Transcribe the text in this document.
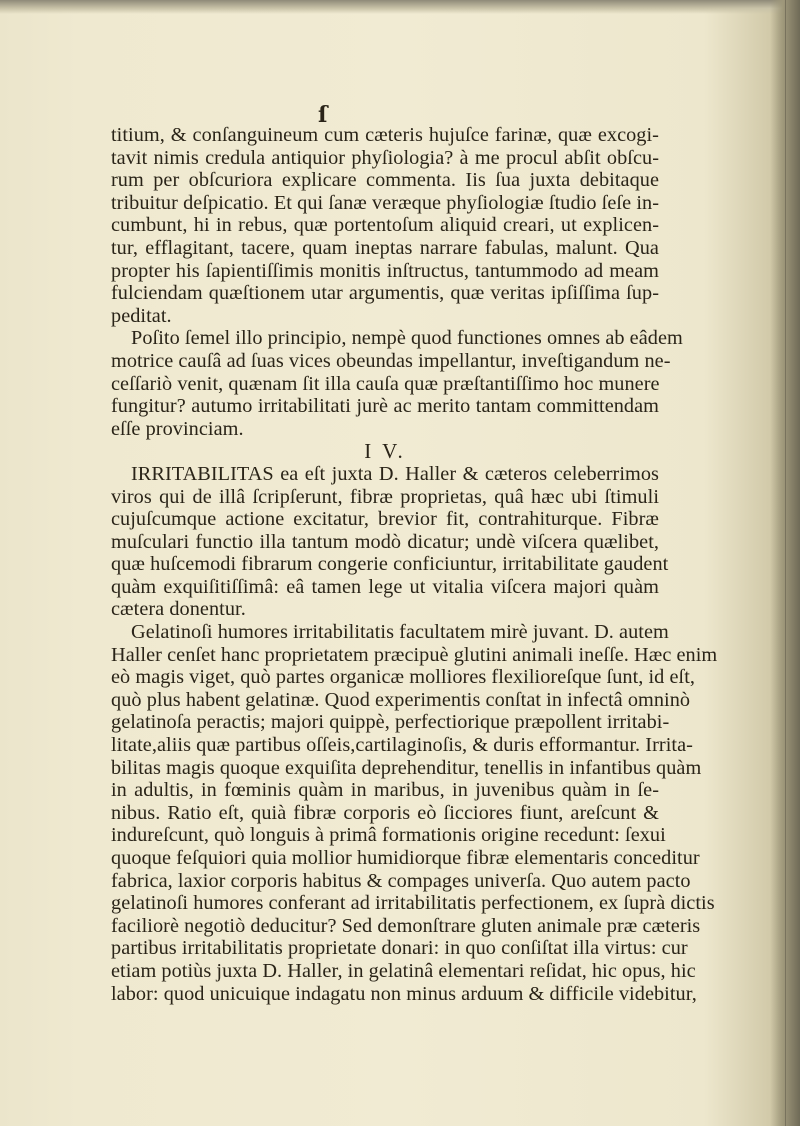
ſ
titium, & conſanguineum cum cæteris hujuſce farinæ, quæ excogi-
tavit nimis credula antiquior phyſiologia? à me procul abſit obſcu-
rum per obſcuriora explicare commenta. Iis ſua juxta debitaque
tribuitur deſpicatio. Et qui ſanæ veræque phyſiologiæ ſtudio ſeſe in-
cumbunt, hi in rebus, quæ portentoſum aliquid creari, ut explicen-
tur, efflagitant, tacere, quam ineptas narrare fabulas, malunt. Qua
propter his ſapientiſſimis monitis inſtructus, tantummodo ad meam
fulciendam quæſtionem utar argumentis, quæ veritas ipſiſſima ſup-
peditat.
Poſito ſemel illo principio, nempè quod functiones omnes ab eâdem
motrice cauſâ ad ſuas vices obeundas impellantur, inveſtigandum ne-
ceſſariò venit, quænam ſit illa cauſa quæ præſtantiſſimo hoc munere
fungitur? autumo irritabilitati jurè ac merito tantam committendam
eſſe provinciam.
I V.
IRRITABILITAS ea eſt juxta D. Haller & cæteros celeberrimos
viros qui de illâ ſcripſerunt, fibræ proprietas, quâ hæc ubi ſtimuli
cujuſcumque actione excitatur, brevior fit, contrahiturque. Fibræ
muſculari functio illa tantum modò dicatur; undè viſcera quælibet,
quæ huſcemodi fibrarum congerie conficiuntur, irritabilitate gaudent
quàm exquiſitiſſimâ: eâ tamen lege ut vitalia viſcera majori quàm
cætera donentur.
Gelatinoſi humores irritabilitatis facultatem mirè juvant. D. autem
Haller cenſet hanc proprietatem præcipuè glutini animali ineſſe. Hæc enim
eò magis viget, quò partes organicæ molliores flexilioreſque ſunt, id eſt,
quò plus habent gelatinæ. Quod experimentis conſtat in infectâ omninò
gelatinoſa peractis; majori quippè, perfectiorique præpollent irritabi-
litate,aliis quæ partibus oſſeis,cartilaginoſis, & duris efformantur. Irrita-
bilitas magis quoque exquiſita deprehenditur, tenellis in infantibus quàm
in adultis, in fœminis quàm in maribus, in juvenibus quàm in ſe-
nibus. Ratio eſt, quià fibræ corporis eò ſicciores fiunt, areſcunt &
indureſcunt, quò longuis à primâ formationis origine recedunt: ſexui
quoque feſquiori quia mollior humidiorque fibræ elementaris conceditur
fabrica, laxior corporis habitus & compages univerſa. Quo autem pacto
gelatinoſi humores conferant ad irritabilitatis perfectionem, ex ſuprà dictis
faciliorè negotiò deducitur? Sed demonſtrare gluten animale præ cæteris
partibus irritabilitatis proprietate donari: in quo conſiſtat illa virtus: cur
etiam potiùs juxta D. Haller, in gelatinâ elementari reſidat, hic opus, hic
labor: quod unicuique indagatu non minus arduum & difficile videbitur,
